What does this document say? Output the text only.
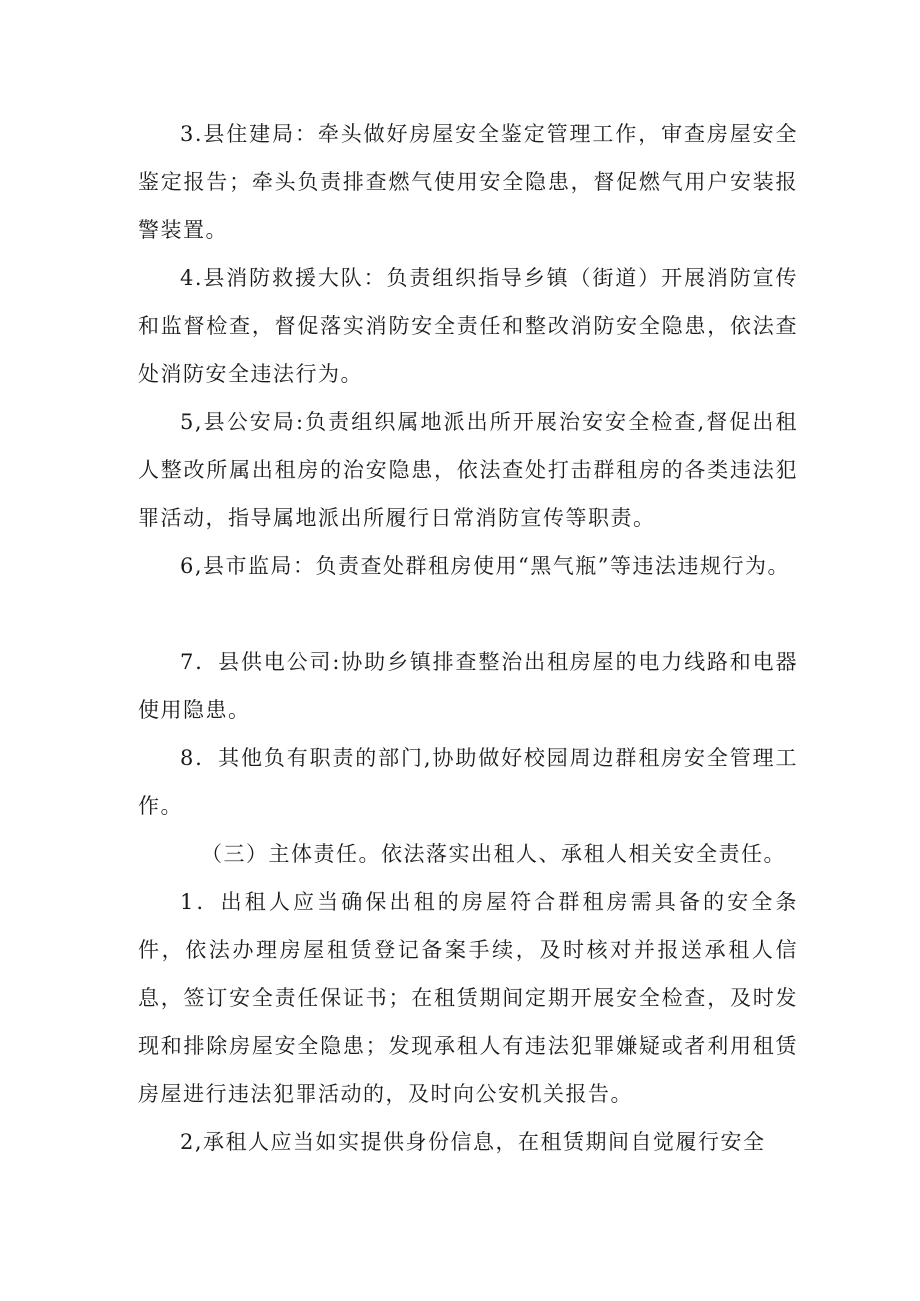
3.县住建局：牵头做好房屋安全鉴定管理工作，审查房屋安全鉴定报告；牵头负责排查燃气使用安全隐患，督促燃气用户安装报警装置。

4.县消防救援大队：负责组织指导乡镇（街道）开展消防宣传和监督检查，督促落实消防安全责任和整改消防安全隐患，依法查处消防安全违法行为。

5,县公安局:负责组织属地派出所开展治安安全检查,督促出租人整改所属出租房的治安隐患，依法查处打击群租房的各类违法犯罪活动，指导属地派出所履行日常消防宣传等职责。

6,县市监局：负责查处群租房使用“黑气瓶”等违法违规行为。

7．县供电公司:协助乡镇排查整治出租房屋的电力线路和电器使用隐患。

8．其他负有职责的部门,协助做好校园周边群租房安全管理工作。

（三）主体责任。依法落实出租人、承租人相关安全责任。

1．出租人应当确保出租的房屋符合群租房需具备的安全条件，依法办理房屋租赁登记备案手续，及时核对并报送承租人信息，签订安全责任保证书；在租赁期间定期开展安全检查，及时发现和排除房屋安全隐患；发现承租人有违法犯罪嫌疑或者利用租赁房屋进行违法犯罪活动的，及时向公安机关报告。

2,承租人应当如实提供身份信息，在租赁期间自觉履行安全
